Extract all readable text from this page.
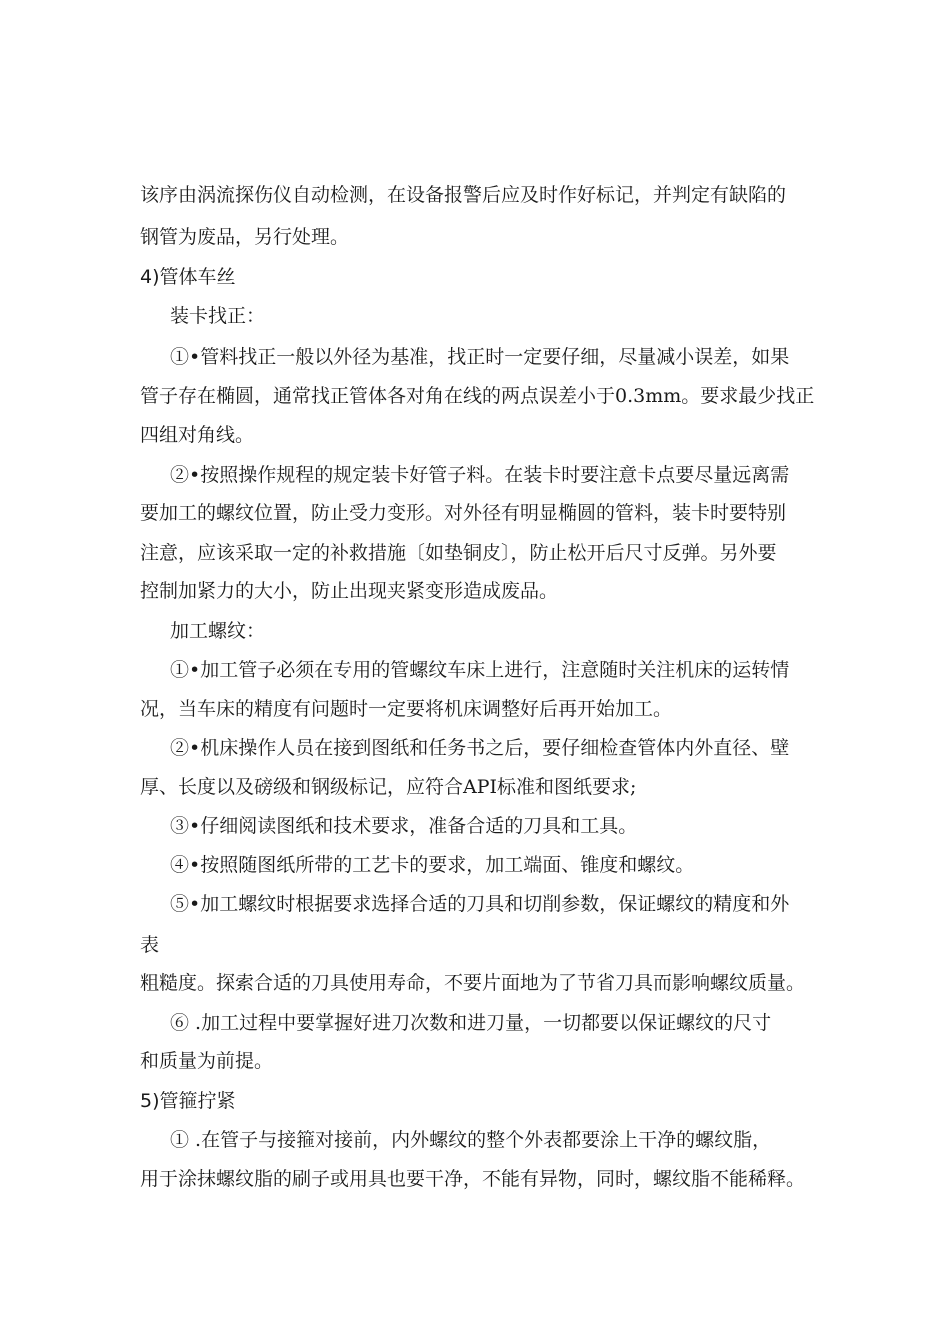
该序由涡流探伤仪自动检测，在设备报警后应及时作好标记，并判定有缺陷的
钢管为废品，另行处理。
4)管体车丝
装卡找正：
①•管料找正一般以外径为基准，找正时一定要仔细，尽量减小误差，如果
管子存在椭圆，通常找正管体各对角在线的两点误差小于0.3mm。要求最少找正
四组对角线。
②•按照操作规程的规定装卡好管子料。在装卡时要注意卡点要尽量远离需
要加工的螺纹位置，防止受力变形。对外径有明显椭圆的管料，装卡时要特别
注意，应该采取一定的补救措施〔如垫铜皮〕，防止松开后尺寸反弹。另外要
控制加紧力的大小，防止出现夹紧变形造成废品。
加工螺纹：
①•加工管子必须在专用的管螺纹车床上进行，注意随时关注机床的运转情
况，当车床的精度有问题时一定要将机床调整好后再开始加工。
②•机床操作人员在接到图纸和任务书之后，要仔细检查管体内外直径、壁
厚、长度以及磅级和钢级标记，应符合API标准和图纸要求;
③•仔细阅读图纸和技术要求，准备合适的刀具和工具。
④•按照随图纸所带的工艺卡的要求，加工端面、锥度和螺纹。
⑤•加工螺纹时根据要求选择合适的刀具和切削参数，保证螺纹的精度和外
表
粗糙度。探索合适的刀具使用寿命，不要片面地为了节省刀具而影响螺纹质量。
⑥ .加工过程中要掌握好进刀次数和进刀量，一切都要以保证螺纹的尺寸
和质量为前提。
5)管箍拧紧
① .在管子与接箍对接前，内外螺纹的整个外表都要涂上干净的螺纹脂，
用于涂抹螺纹脂的刷子或用具也要干净，不能有异物，同时，螺纹脂不能稀释。
